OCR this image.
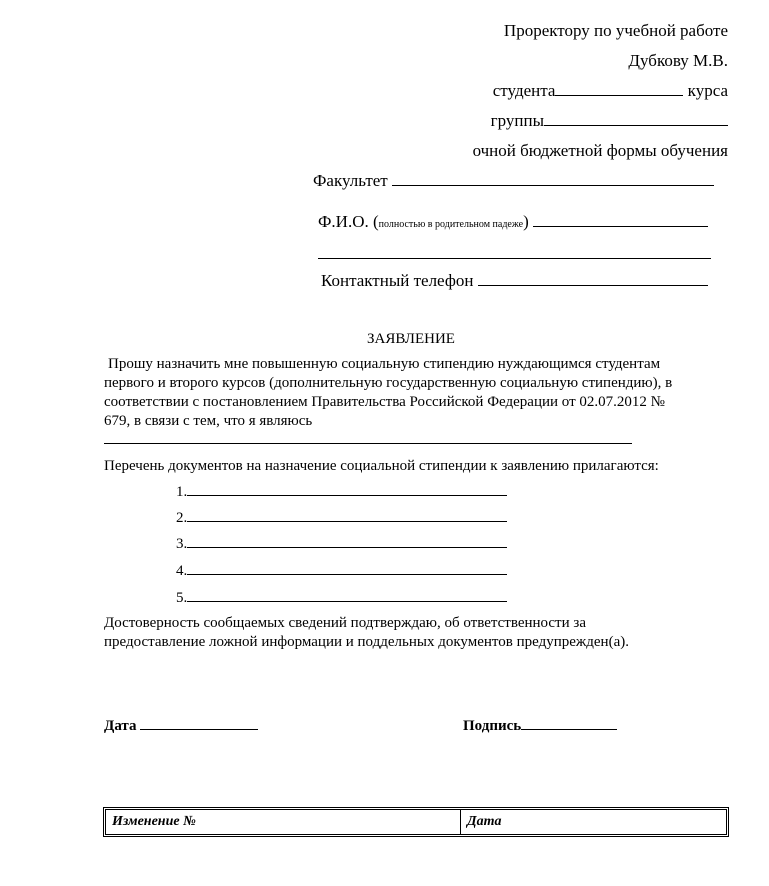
Проректору по учебной работе
Дубкову М.В.
студента	курса
группы
очной бюджетной формы обучения
Факультет
Ф.И.О. (полностью в родительном падеже)
Контактный телефон
ЗАЯВЛЕНИЕ
Прошу назначить мне повышенную социальную стипендию нуждающимся студентам
первого и второго курсов (дополнительную государственную социальную стипендию), в
соответствии с постановлением Правительства Российской Федерации от 02.07.2012 №
679, в связи с тем, что я являюсь
Перечень документов на назначение социальной стипендии к заявлению прилагаются:
1.
2.
3.
4.
5.
Достоверность сообщаемых сведений подтверждаю, об ответственности за
предоставление ложной информации и поддельных документов предупрежден(а).
Дата	Подпись
Изменение №	Дата
